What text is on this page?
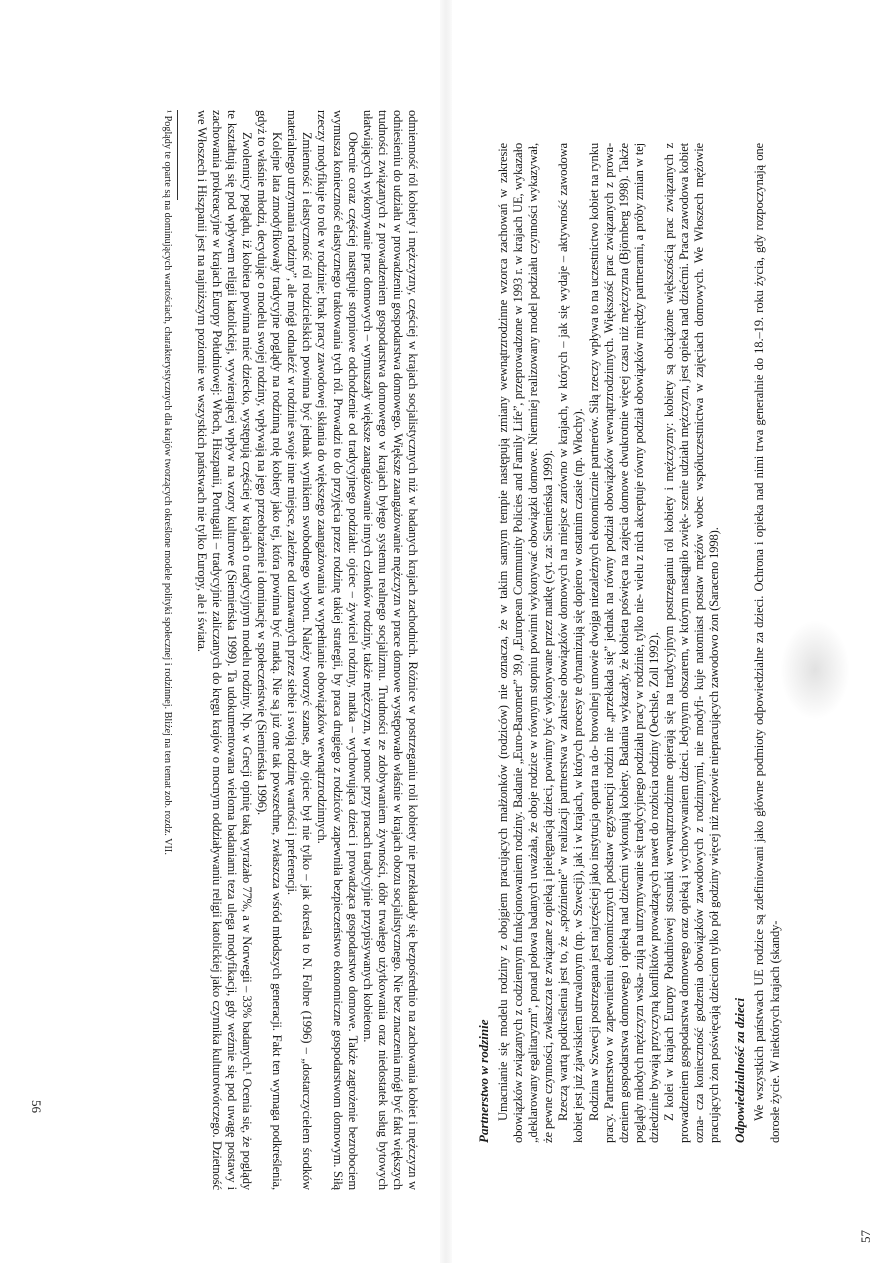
odmienność ról kobiety i mężczyzny, częściej w krajach socjalistycznych niż w badanych krajach zachodnich. Różnice w postrzeganiu roli kobiety nie przekładały się bezpośrednio na zachowania kobiet i mężczyzn w odniesieniu do udziału w prowadzeniu gospodarstwa domowego. Większe zaangażowanie mężczyzn w prace domowe występowało właśnie w krajach obozu socjalistycznego. Nie bez znaczenia mógł być fakt większych trudności związanych z prowadzeniem gospodarstwa domowego w krajach byłego systemu realnego socjalizmu. Trudności ze zdobywaniem żywności, dóbr trwałego użytkowania oraz niedostatek usług bytowych ułatwiających wykonywanie prac domowych – wymuszały większe zaangażowanie innych członków rodziny, także mężczyzn, w pomoc przy pracach tradycyjnie przypisywanych kobietom.

Obecnie coraz częściej następuje stopniowe odchodzenie od tradycyjnego podziału: ojciec – żywiciel rodziny, matka – wychowująca dzieci i prowadząca gospodarstwo domowe. Także zagrożenie bezrobociem wymusza konieczność elastycznego traktowania tych ról. Prowadzi to do przyjęcia przez rodzinę takiej strategii, by praca drugiego z rodziców zapewniła bezpieczeństwo ekonomiczne gospodarstwom domowym. Siłą rzeczy modyfikuje to role w rodzinie; brak pracy zawodowej skłania do większego zaangażowania w wypełnianie obowiązków wewnątrzrodzinnych.

Zmienność i elastyczność ról rodzicielskich powinna być jednak wynikiem swobodnego wyboru. Należy tworzyć szanse, aby ojciec był nie tylko – jak określa to N. Folbre (1996) – „dostarczycielem środków materialnego utrzymania rodziny”, ale mógł odnaleźć w rodzinie swoje inne miejsce, zależne od uznawanych przez siebie i swoją rodzinę wartości i preferencji.

Kolejne lata zmodyfikowały tradycyjne poglądy na rodzinną rolę kobiety jako tej, która powinna być matką. Nie są już one tak powszechne, zwłaszcza wśród młodszych generacji. Fakt ten wymaga podkreślenia, gdyż to właśnie młodzi, decydując o modelu swojej rodziny, wpływają na jego przeobrażenie i dominację w społeczeństwie (Siemieńska 1996).

Zwolennicy poglądu, iż kobieta powinna mieć dziecko, występują częściej w krajach o tradycyjnym modelu rodziny. Np. w Grecji opinię taką wyrażało 77%, a w Norwegii – 33% badanych.¹ Ocenia się, że poglądy te kształtują się pod wpływem religii katolickiej, wywierającej wpływ na wzory kulturowe (Siemieńska 1999). Ta udokumentowana wieloma badaniami teza ulega modyfikacji, gdy weźmie się pod uwagę postawy i zachowania prokreacyjne w krajach Europy Południowej: Włoch, Hiszpanii, Portugalii – tradycyjnie zaliczanych do kręgu krajów o mocnym oddziaływaniu religii katolickiej jako czynnika kulturotwórczego. Dzietność we Włoszech i Hiszpanii jest na najniższym poziomie we wszystkich państwach nie tylko Europy, ale i świata.

¹ Poglądy te oparte są na dominujących wartościach, charakterystycznych dla krajów tworzących określone modele polityki społecznej i rodzinnej. Bliżej na ten temat zob. rozdz. VII.

56	Partnerstwo w rodzinie Umacnianie się modelu rodziny z obojgiem pracujących małżonków (rodziców) nie oznacza, że w takim samym tempie następują zmiany wewnątrzrodzinne wzorca zachowań w zakresie obowiązków związanych z codziennym funkcjonowaniem rodziny. Badanie „Euro-Barometr” 39,0 „European Community Policies and Family Life”, przeprowadzone w 1993 r. w krajach UE, wykazało „deklarowany egalitaryzm”, ponad połowa badanych uważała, że oboje rodzice w równym stopniu powinni wykonywać obowiązki domowe. Niemniej realizowany model podziału czynności wykazywał, że pewne czynności, zwłaszcza te związane z opieką i pielęgnacją dzieci, powinny być wykonywane przez matkę (cyt. za: Siemieńska 1999). Rzeczą wartą podkreślenia jest to, że „spóźnienie” w realizacji partnerstwa w zakresie obowiązków domowych na miejsce zarówno w krajach, w których – jak się wydaje – aktywność zawodowa kobiet jest już zjawiskiem utrwalonym (np. w Szwecji), jak i w krajach, w których procesy te dynamizują się dopiero w ostatnim czasie (np. Włochy). Rodzina w Szwecji postrzegana jest najczęściej jako instytucja oparta na do- browolnej umowie dwojga niezależnych ekonomicznie partnerów. Siłą rzeczy wpływa to na uczestnictwo kobiet na rynku pracy. Partnerstwo w zapewnieniu ekonomicznych podstaw egzystencji rodzin nie „przekłada się” jednak na równy podział obowiązków wewnątrzrodzinnych. Większość prac związanych z prowa- dzeniem gospodarstwa domowego i opieką nad dziećmi wykonują kobiety. Badania wykazały, że kobieta poświęca na zajęcia domowe dwukrotnie więcej czasu niż mężczyzna (Björnberg 1998). Także poglądy młodych mężczyzn wska- zują na utrzymywanie się tradycyjnego podziału pracy w rodzinie, tylko nie- wielu z nich akceptuje równy podział obowiązków między partnerami, a próby zmian w tej dziedzinie bywają przyczyną konfliktów prowadzących nawet do rozbicia rodziny (Oechsle, Zoll 1992). Z kolei w krajach Europy Południowej stosunki wewnątrzrodzinne opierają się na tradycyjnym postrzeganiu ról kobiety i mężczyzny: kobiety są obciążone większością prac związanych z prowadzeniem gospodarstwa domowego oraz opieką i wychowywaniem dzieci. Jedynym obszarem, w którym nastąpiło zwięk- szenie udziału mężczyzn, jest opieka nad dziećmi. Praca zawodowa kobiet ozna- cza konieczność godzenia obowiązków zawodowych z rodzinnymi, nie modyfi- kuje natomiast postaw mężów wobec współuczestnictwa w zajęciach domowych. We Włoszech mężowie pracujących żon poświęcają dzieciom tylko pół godziny więcej niż mężowie niepracujących zawodowo żon (Saraceno 1998). Odpowiedzialność za dzieci We wszystkich państwach UE rodzice są zdefiniowani jako główne podmioty odpowiedzialne za dzieci. Ochrona i opieka nad nimi trwa generalnie do 18.–19. roku życia, gdy rozpoczynają one dorosłe życie. W niektórych krajach (skandy-

57
